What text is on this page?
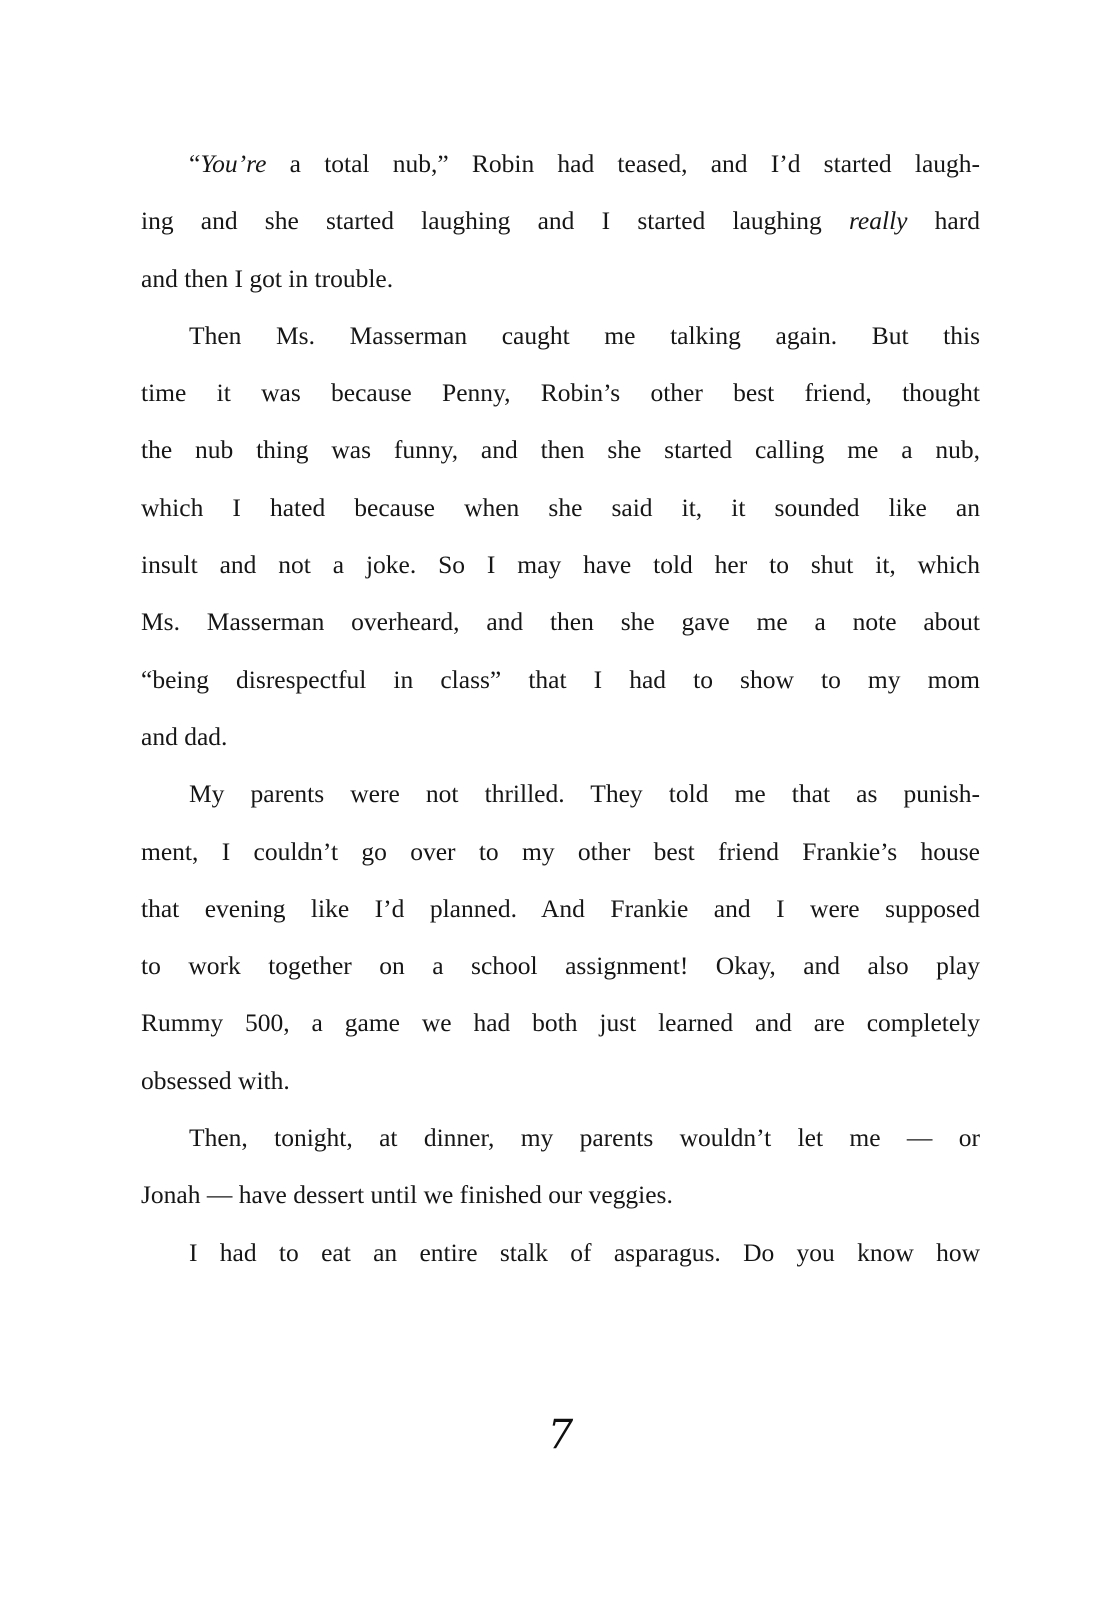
“You’re a total nub,” Robin had teased, and I’d started laugh-
ing and she started laughing and I started laughing really hard
and then I got in trouble.
Then Ms. Masserman caught me talking again. But this
time it was because Penny, Robin’s other best friend, thought
the nub thing was funny, and then she started calling me a nub,
which I hated because when she said it, it sounded like an
insult and not a joke. So I may have told her to shut it, which
Ms. Masserman overheard, and then she gave me a note about
“being disrespectful in class” that I had to show to my mom
and dad.
My parents were not thrilled. They told me that as punish-
ment, I couldn’t go over to my other best friend Frankie’s house
that evening like I’d planned. And Frankie and I were supposed
to work together on a school assignment! Okay, and also play
Rummy 500, a game we had both just learned and are completely
obsessed with.
Then, tonight, at dinner, my parents wouldn’t let me — or
Jonah — have dessert until we finished our veggies.
I had to eat an entire stalk of asparagus. Do you know how
7
